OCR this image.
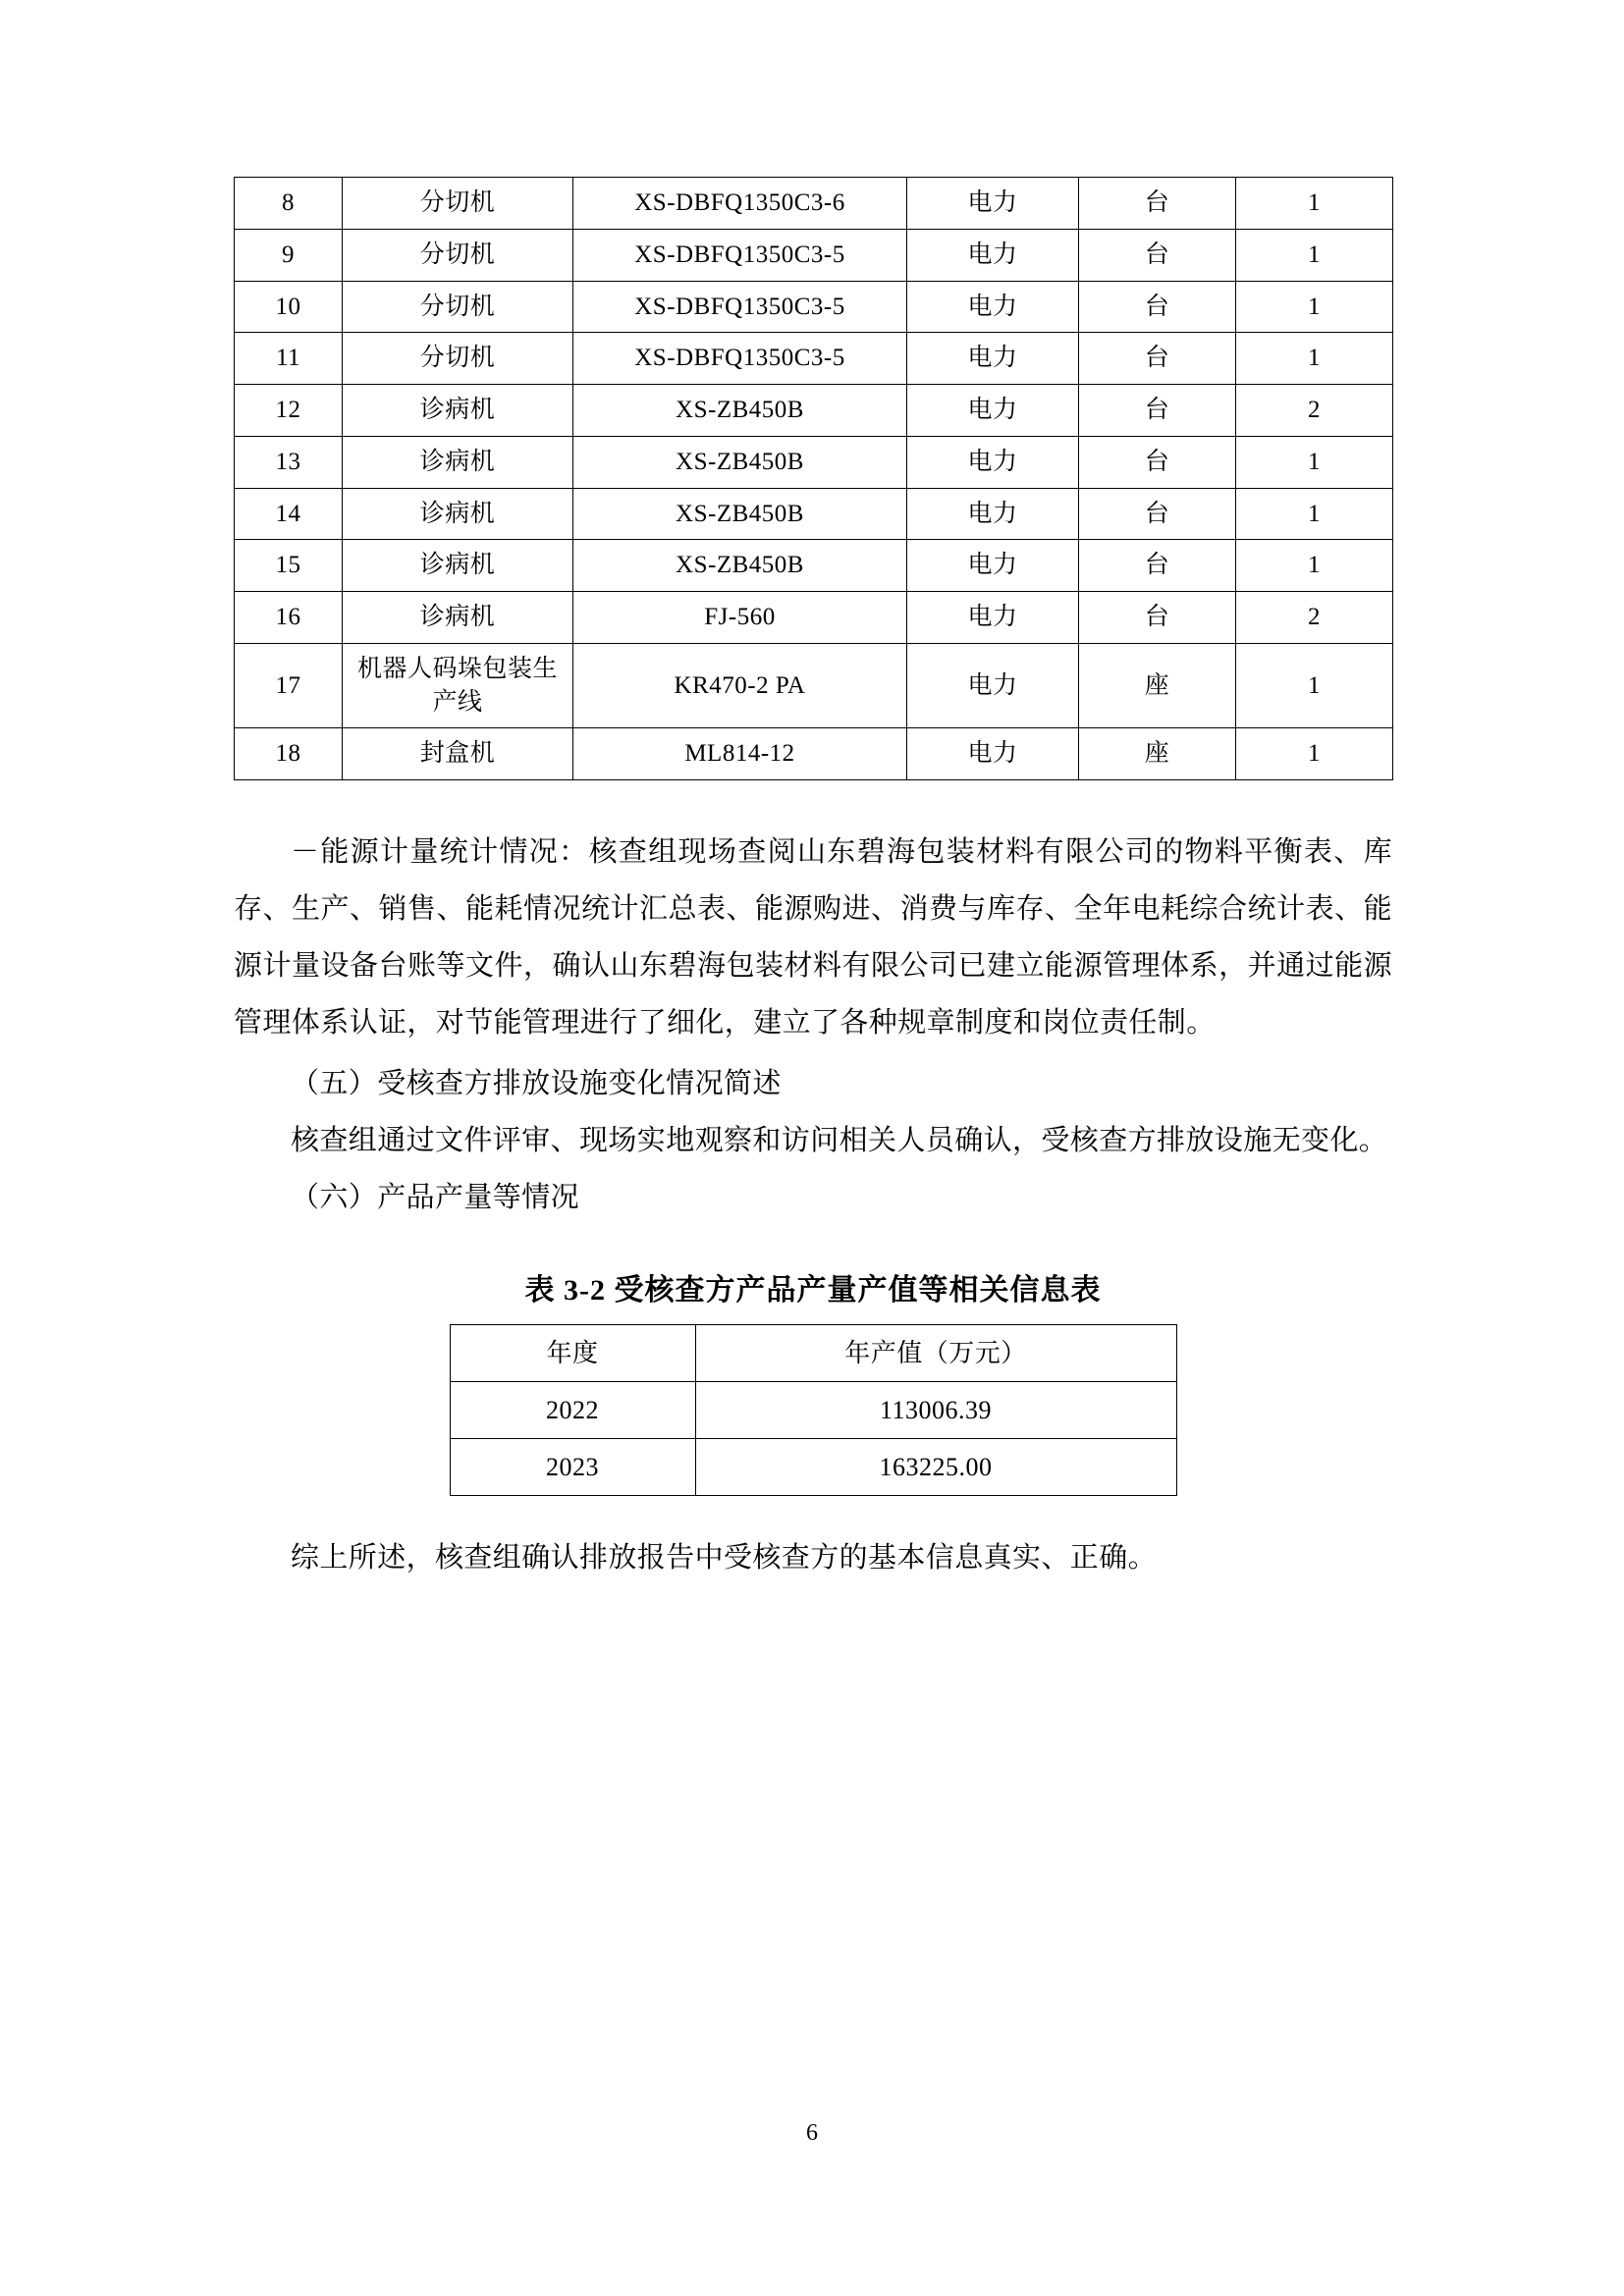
8	分切机	XS-DBFQ1350C3-6	电力	台	1
9	分切机	XS-DBFQ1350C3-5	电力	台	1
10	分切机	XS-DBFQ1350C3-5	电力	台	1
11	分切机	XS-DBFQ1350C3-5	电力	台	1
12	诊病机	XS-ZB450B	电力	台	2
13	诊病机	XS-ZB450B	电力	台	1
14	诊病机	XS-ZB450B	电力	台	1
15	诊病机	XS-ZB450B	电力	台	1
16	诊病机	FJ-560	电力	台	2
17	机器人码垛包装生产线	KR470-2 PA	电力	座	1
18	封盒机	ML814-12	电力	座	1

－能源计量统计情况：核查组现场查阅山东碧海包装材料有限公司的物料平衡表、库存、生产、销售、能耗情况统计汇总表、能源购进、消费与库存、全年电耗综合统计表、能源计量设备台账等文件，确认山东碧海包装材料有限公司已建立能源管理体系，并通过能源管理体系认证，对节能管理进行了细化，建立了各种规章制度和岗位责任制。

（五）受核查方排放设施变化情况简述

核查组通过文件评审、现场实地观察和访问相关人员确认，受核查方排放设施无变化。

（六）产品产量等情况

表 3-2 受核查方产品产量产值等相关信息表
年度	年产值（万元）
2022	113006.39
2023	163225.00

综上所述，核查组确认排放报告中受核查方的基本信息真实、正确。

6
